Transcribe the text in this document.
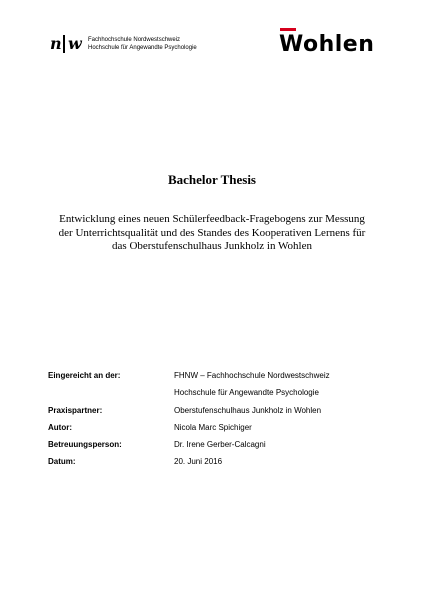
n w Fachhochschule Nordwestschweiz
Hochschule für Angewandte Psychologie	Wohlen
Bachelor Thesis
Entwicklung eines neuen Schülerfeedback-Fragebogens zur Messung
der Unterrichtsqualität und des Standes des Kooperativen Lernens für
das Oberstufenschulhaus Junkholz in Wohlen
Eingereicht an der:	FHNW – Fachhochschule Nordwestschweiz
Hochschule für Angewandte Psychologie
Praxispartner:	Oberstufenschulhaus Junkholz in Wohlen
Autor:	Nicola Marc Spichiger
Betreuungsperson:	Dr. Irene Gerber-Calcagni
Datum:	20. Juni 2016
